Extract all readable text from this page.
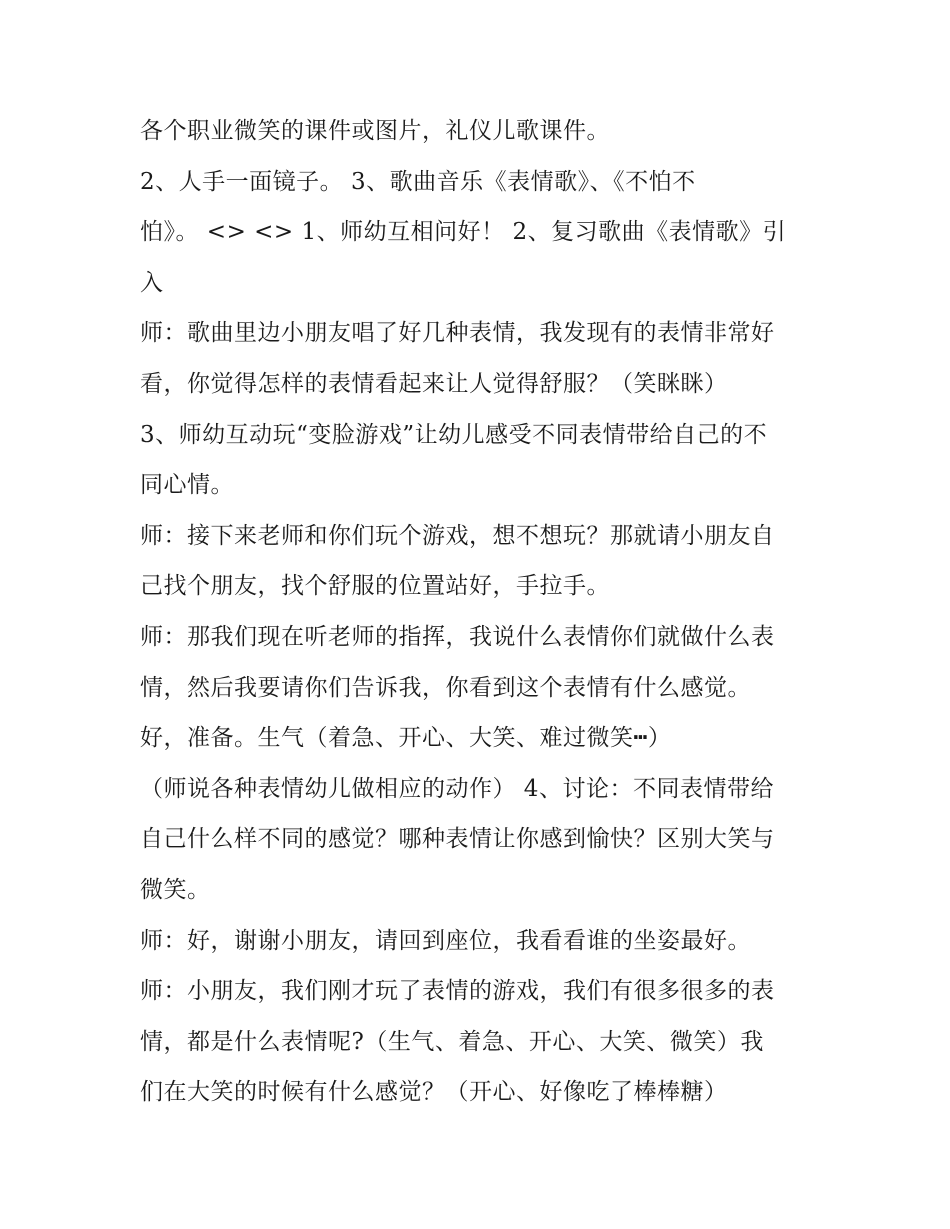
各个职业微笑的课件或图片，礼仪儿歌课件。
2、人手一面镜子。 3、歌曲音乐《表情歌》、《不怕不
怕》。 <> <> 1、师幼互相问好！ 2、复习歌曲《表情歌》引
入
师：歌曲里边小朋友唱了好几种表情，我发现有的表情非常好
看，你觉得怎样的表情看起来让人觉得舒服？（笑眯眯）
3、师幼互动玩“变脸游戏”让幼儿感受不同表情带给自己的不
同心情。
师：接下来老师和你们玩个游戏，想不想玩？那就请小朋友自
己找个朋友，找个舒服的位置站好，手拉手。
师：那我们现在听老师的指挥，我说什么表情你们就做什么表
情，然后我要请你们告诉我，你看到这个表情有什么感觉。
好，准备。生气（着急、开心、大笑、难过微笑┅）
（师说各种表情幼儿做相应的动作） 4、讨论：不同表情带给
自己什么样不同的感觉？哪种表情让你感到愉快？区别大笑与
微笑。
师：好，谢谢小朋友，请回到座位，我看看谁的坐姿最好。
师：小朋友，我们刚才玩了表情的游戏，我们有很多很多的表
情，都是什么表情呢?（生气、着急、开心、大笑、微笑）我
们在大笑的时候有什么感觉？（开心、好像吃了棒棒糖）
